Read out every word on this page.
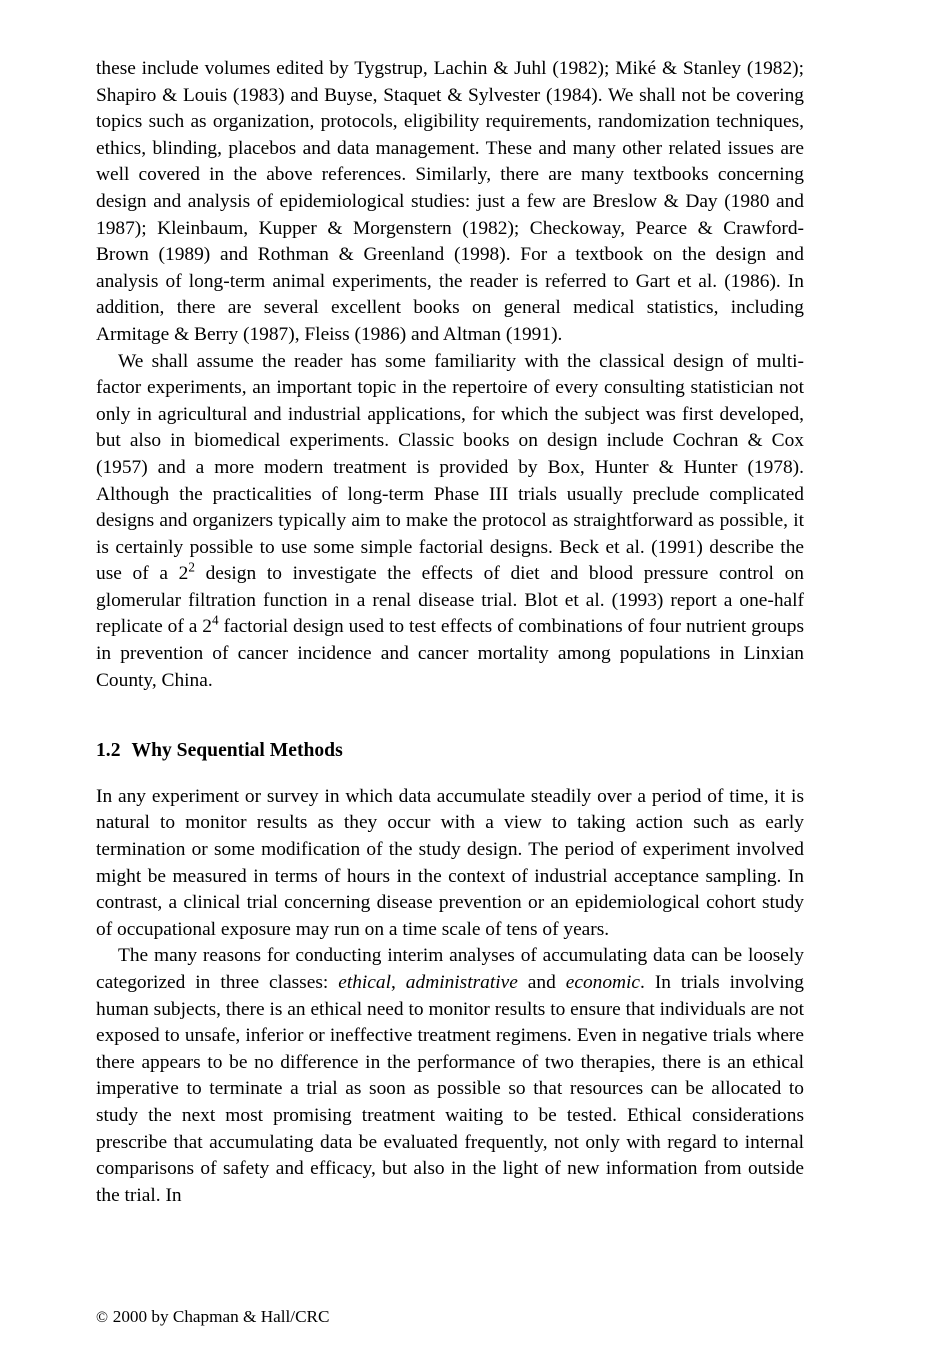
these include volumes edited by Tygstrup, Lachin & Juhl (1982); Miké & Stanley (1982); Shapiro & Louis (1983) and Buyse, Staquet & Sylvester (1984). We shall not be covering topics such as organization, protocols, eligibility requirements, randomization techniques, ethics, blinding, placebos and data management. These and many other related issues are well covered in the above references. Similarly, there are many textbooks concerning design and analysis of epidemiological studies: just a few are Breslow & Day (1980 and 1987); Kleinbaum, Kupper & Morgenstern (1982); Checkoway, Pearce & Crawford-Brown (1989) and Rothman & Greenland (1998). For a textbook on the design and analysis of long-term animal experiments, the reader is referred to Gart et al. (1986). In addition, there are several excellent books on general medical statistics, including Armitage & Berry (1987), Fleiss (1986) and Altman (1991).

We shall assume the reader has some familiarity with the classical design of multi-factor experiments, an important topic in the repertoire of every consulting statistician not only in agricultural and industrial applications, for which the subject was first developed, but also in biomedical experiments. Classic books on design include Cochran & Cox (1957) and a more modern treatment is provided by Box, Hunter & Hunter (1978). Although the practicalities of long-term Phase III trials usually preclude complicated designs and organizers typically aim to make the protocol as straightforward as possible, it is certainly possible to use some simple factorial designs. Beck et al. (1991) describe the use of a $2^2$ design to investigate the effects of diet and blood pressure control on glomerular filtration function in a renal disease trial. Blot et al. (1993) report a one-half replicate of a $2^4$ factorial design used to test effects of combinations of four nutrient groups in prevention of cancer incidence and cancer mortality among populations in Linxian County, China.

1.2 Why Sequential Methods

In any experiment or survey in which data accumulate steadily over a period of time, it is natural to monitor results as they occur with a view to taking action such as early termination or some modification of the study design. The period of experiment involved might be measured in terms of hours in the context of industrial acceptance sampling. In contrast, a clinical trial concerning disease prevention or an epidemiological cohort study of occupational exposure may run on a time scale of tens of years.

The many reasons for conducting interim analyses of accumulating data can be loosely categorized in three classes: ethical, administrative and economic. In trials involving human subjects, there is an ethical need to monitor results to ensure that individuals are not exposed to unsafe, inferior or ineffective treatment regimens. Even in negative trials where there appears to be no difference in the performance of two therapies, there is an ethical imperative to terminate a trial as soon as possible so that resources can be allocated to study the next most promising treatment waiting to be tested. Ethical considerations prescribe that accumulating data be evaluated frequently, not only with regard to internal comparisons of safety and efficacy, but also in the light of new information from outside the trial. In

© 2000 by Chapman & Hall/CRC
